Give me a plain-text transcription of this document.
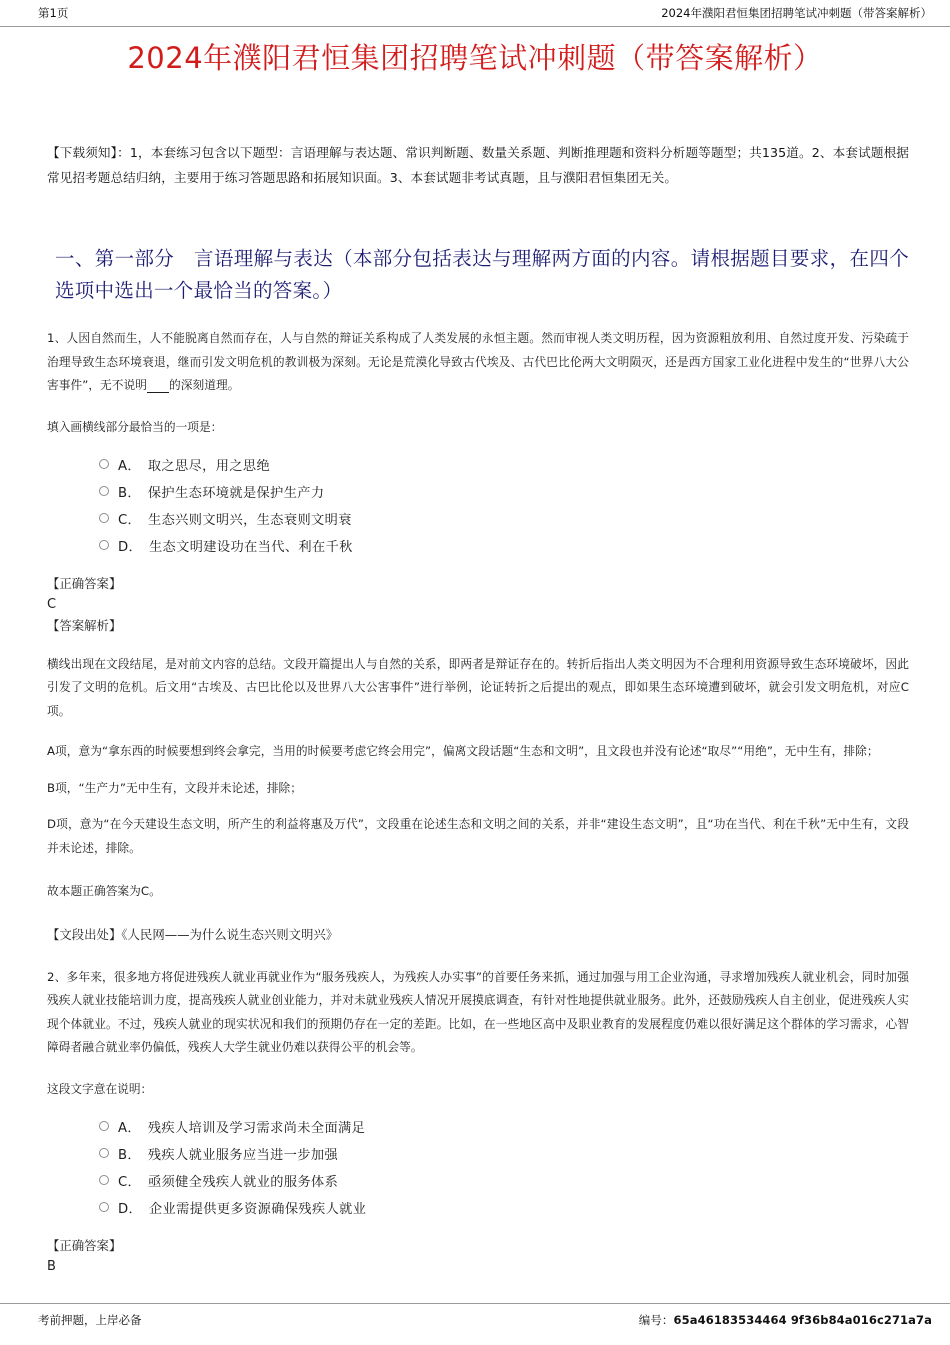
第1页	2024年濮阳君恒集团招聘笔试冲刺题（带答案解析）
2024年濮阳君恒集团招聘笔试冲刺题（带答案解析）

【下载须知】：1，本套练习包含以下题型：言语理解与表达题、常识判断题、数量关系题、判断推理题和资料分析题等题型；共135道。2、本套试题根据常见招考题总结归纳，主要用于练习答题思路和拓展知识面。3、本套试题非考试真题，且与濮阳君恒集团无关。

一、第一部分　言语理解与表达（本部分包括表达与理解两方面的内容。请根据题目要求，在四个选项中选出一个最恰当的答案。）

1、人因自然而生，人不能脱离自然而存在，人与自然的辩证关系构成了人类发展的永恒主题。然而审视人类文明历程，因为资源粗放利用、自然过度开发、污染疏于治理导致生态环境衰退，继而引发文明危机的教训极为深刻。无论是荒漠化导致古代埃及、古代巴比伦两大文明陨灭，还是西方国家工业化进程中发生的“世界八大公害事件”，无不说明 的深刻道理。

填入画横线部分最恰当的一项是：

A． 取之思尽，用之思绝
B． 保护生态环境就是保护生产力
C． 生态兴则文明兴，生态衰则文明衰
D． 生态文明建设功在当代、利在千秋

【正确答案】

C

【答案解析】

横线出现在文段结尾，是对前文内容的总结。文段开篇提出人与自然的关系，即两者是辩证存在的。转折后指出人类文明因为不合理利用资源导致生态环境破坏，因此引发了文明的危机。后文用“古埃及、古巴比伦以及世界八大公害事件”进行举例，论证转折之后提出的观点，即如果生态环境遭到破坏，就会引发文明危机，对应C项。

A项，意为“拿东西的时候要想到终会拿完，当用的时候要考虑它终会用完”，偏离文段话题“生态和文明”，且文段也并没有论述“取尽”“用绝”，无中生有，排除；

B项，“生产力”无中生有，文段并未论述，排除；

D项，意为“在今天建设生态文明，所产生的利益将惠及万代”，文段重在论述生态和文明之间的关系，并非“建设生态文明”，且“功在当代、利在千秋”无中生有，文段并未论述，排除。

故本题正确答案为C。

【文段出处】《人民网——为什么说生态兴则文明兴》

2、多年来，很多地方将促进残疾人就业再就业作为“服务残疾人，为残疾人办实事”的首要任务来抓，通过加强与用工企业沟通，寻求增加残疾人就业机会，同时加强残疾人就业技能培训力度，提高残疾人就业创业能力，并对未就业残疾人情况开展摸底调查，有针对性地提供就业服务。此外，还鼓励残疾人自主创业，促进残疾人实现个体就业。不过，残疾人就业的现实状况和我们的预期仍存在一定的差距。比如，在一些地区高中及职业教育的发展程度仍难以很好满足这个群体的学习需求，心智障碍者融合就业率仍偏低，残疾人大学生就业仍难以获得公平的机会等。

这段文字意在说明：

A． 残疾人培训及学习需求尚未全面满足
B． 残疾人就业服务应当进一步加强
C． 亟须健全残疾人就业的服务体系
D． 企业需提供更多资源确保残疾人就业

【正确答案】

B

考前押题，上岸必备	编号：65a46183534464 9f36b84a016c271a7a
